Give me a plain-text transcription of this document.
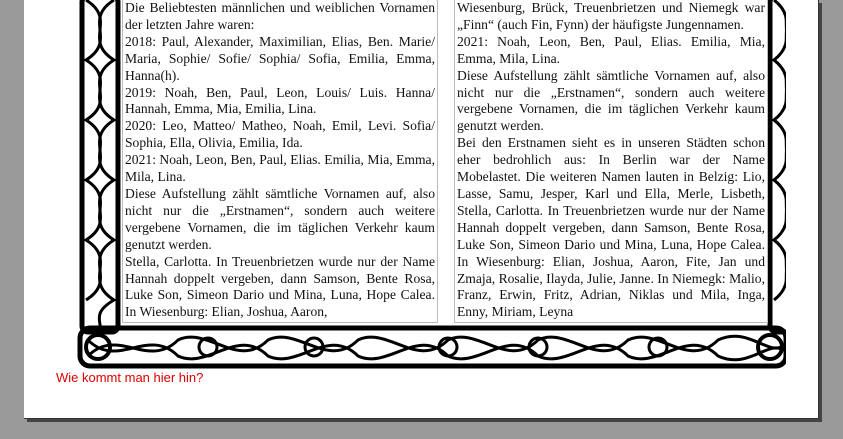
Die Beliebtesten männlichen und weiblichen Vornamen der letzten Jahre waren:

2018: Paul, Alexander, Maximilian, Elias, Ben. Marie/ Maria, Sophie/ Sofie/ Sophia/ Sofia, Emilia, Emma, Hanna(h).

2019: Noah, Ben, Paul, Leon, Louis/ Luis. Hanna/ Hannah, Emma, Mia, Emilia, Lina.

2020: Leo, Matteo/ Matheo, Noah, Emil, Levi. Sofia/ Sophia, Ella, Olivia, Emilia, Ida.

2021: Noah, Leon, Ben, Paul, Elias. Emilia, Mia, Emma, Mila, Lina.

Diese Aufstellung zählt sämtliche Vornamen auf, also nicht nur die „Erstnamen“, sondern auch weitere vergebene Vornamen, die im täglichen Verkehr kaum genutzt werden.

Stella, Carlotta. In Treuenbrietzen wurde nur der Name Hannah doppelt vergeben, dann Samson, Bente Rosa, Luke Son, Simeon Dario und Mina, Luna, Hope Calea. In Wiesenburg: Elian, Joshua, Aaron,

Wiesenburg, Brück, Treuenbrietzen und Niemegk war „Finn“ (auch Fin, Fynn) der häufigste Jungennamen.

2021: Noah, Leon, Ben, Paul, Elias. Emilia, Mia, Emma, Mila, Lina.

Diese Aufstellung zählt sämtliche Vornamen auf, also nicht nur die „Erstnamen“, sondern auch weitere vergebene Vornamen, die im täglichen Verkehr kaum genutzt werden.

Bei den Erstnamen sieht es in unseren Städten schon eher bedrohlich aus: In Berlin war der Name Mobelastet. Die weiteren Namen lauten in Belzig: Lio, Lasse, Samu, Jesper, Karl und Ella, Merle, Lisbeth, Stella, Carlotta. In Treuenbrietzen wurde nur der Name Hannah doppelt vergeben, dann Samson, Bente Rosa, Luke Son, Simeon Dario und Mina, Luna, Hope Calea. In Wiesenburg: Elian, Joshua, Aaron, Fite, Jan und Zmaja, Rosalie, Ilayda, Julie, Janne. In Niemegk: Malio, Franz, Erwin, Fritz, Adrian, Niklas und Mila, Inga, Enny, Miriam, Leyna

Wie kommt man hier hin?
